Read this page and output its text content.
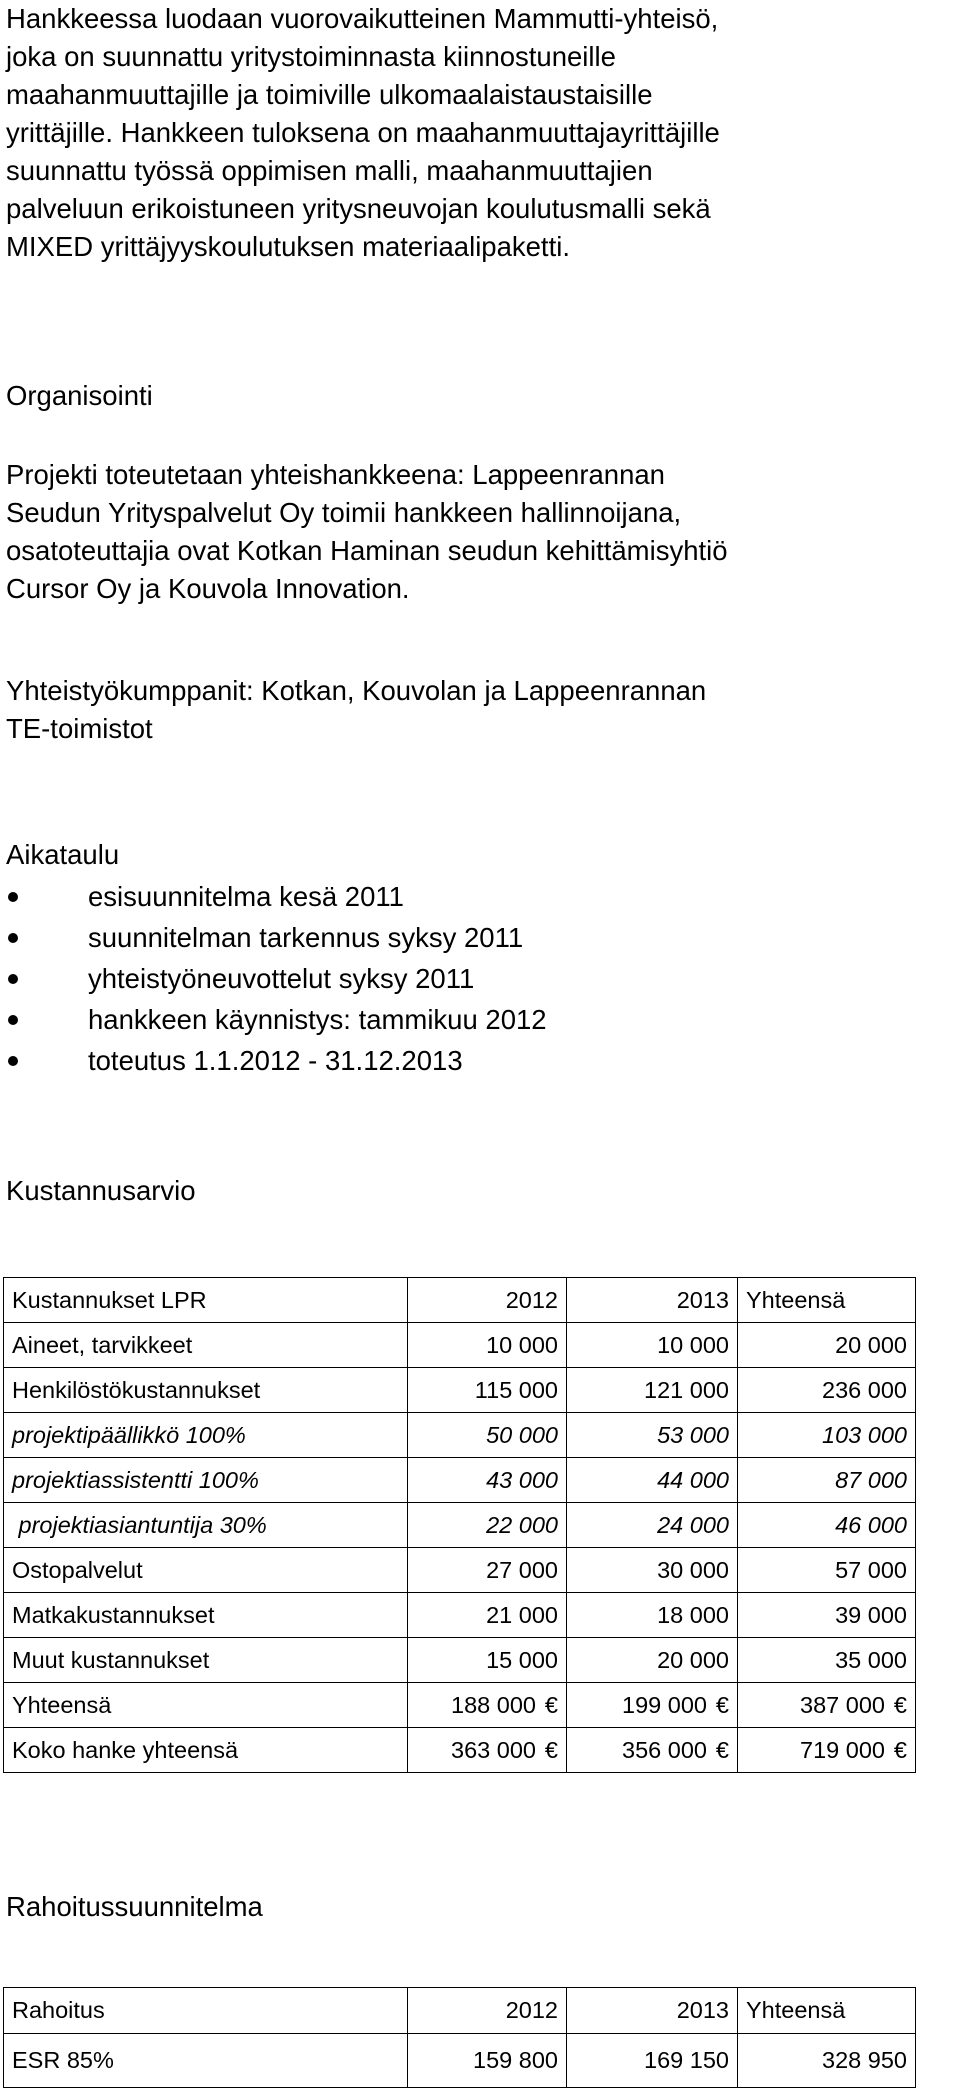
Hankkeessa luodaan vuorovaikutteinen Mammutti-yhteisö,
joka on suunnattu yritystoiminnasta kiinnostuneille
maahanmuuttajille ja toimiville ulkomaalaistaustaisille
yrittäjille. Hankkeen tuloksena on maahanmuuttajayrittäjille
suunnattu työssä oppimisen malli, maahanmuuttajien
palveluun erikoistuneen yritysneuvojan koulutusmalli sekä
MIXED yrittäjyyskoulutuksen materiaalipaketti.

Organisointi

Projekti toteutetaan yhteishankkeena: Lappeenrannan
Seudun Yrityspalvelut Oy toimii hankkeen hallinnoijana,
osatoteuttajia ovat Kotkan Haminan seudun kehittämisyhtiö
Cursor Oy ja Kouvola Innovation.

Yhteistyökumppanit: Kotkan, Kouvolan ja Lappeenrannan
TE-toimistot

Aikataulu
esisuunnitelma kesä 2011
suunnitelman tarkennus syksy 2011
yhteistyöneuvottelut syksy 2011
hankkeen käynnistys: tammikuu 2012
toteutus 1.1.2012 - 31.12.2013
Kustannusarvio
Kustannukset LPR	2012	2013	Yhteensä
Aineet, tarvikkeet	10 000	10 000	20 000
Henkilöstökustannukset	115 000	121 000	236 000
projektipäällikkö 100%	50 000	53 000	103 000
projektiassistentti 100%	43 000	44 000	87 000
projektiasiantuntija 30%	22 000	24 000	46 000
Ostopalvelut	27 000	30 000	57 000
Matkakustannukset	21 000	18 000	39 000
Muut kustannukset	15 000	20 000	35 000
Yhteensä	188 000 €	199 000 €	387 000 €
Koko hanke yhteensä	363 000 €	356 000 €	719 000 €
Rahoitussuunnitelma
Rahoitus	2012	2013	Yhteensä
ESR 85%	159 800	169 150	328 950
